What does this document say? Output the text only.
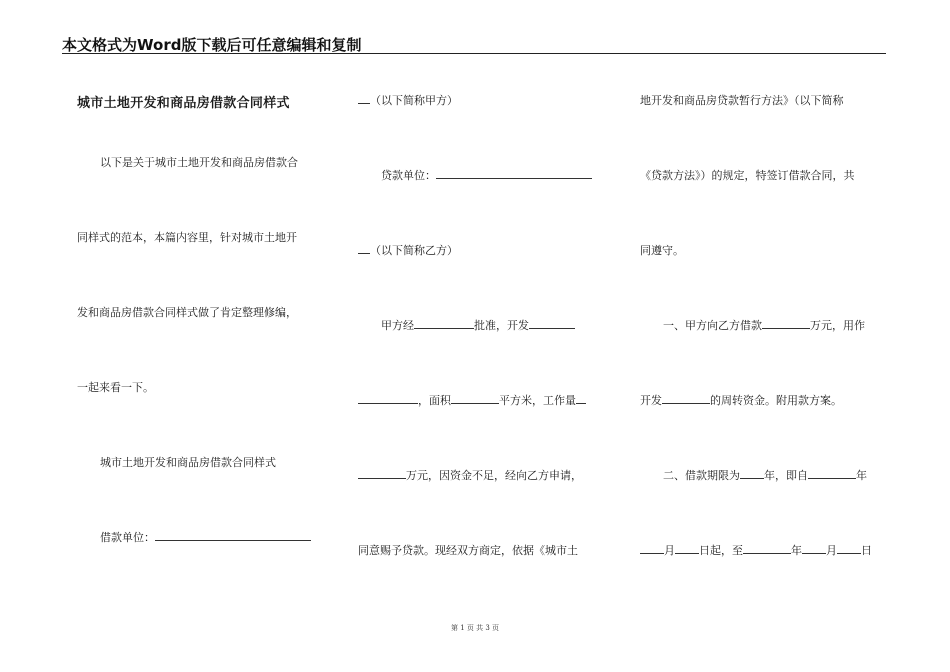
本文格式为Word版下载后可任意编辑和复制
城市土地开发和商品房借款合同样式
以下是关于城市土地开发和商品房借款合
同样式的范本，本篇内容里，针对城市土地开
发和商品房借款合同样式做了肯定整理修编，
一起来看一下。
城市土地开发和商品房借款合同样式
借款单位：
（以下简称甲方）
贷款单位：
（以下简称乙方）
甲方经	批准，开发
，面积	平方米，工作量
万元，因资金不足，经向乙方申请，
同意赐予贷款。现经双方商定，依据《城市土
地开发和商品房贷款暂行方法》（以下简称
《贷款方法》）的规定，特签订借款合同，共
同遵守。
一、甲方向乙方借款	万元，用作
开发	的周转资金。附用款方案。
二、借款期限为 年，即自	年
月 日起，至	年 月 日
第 1 页 共 3 页
